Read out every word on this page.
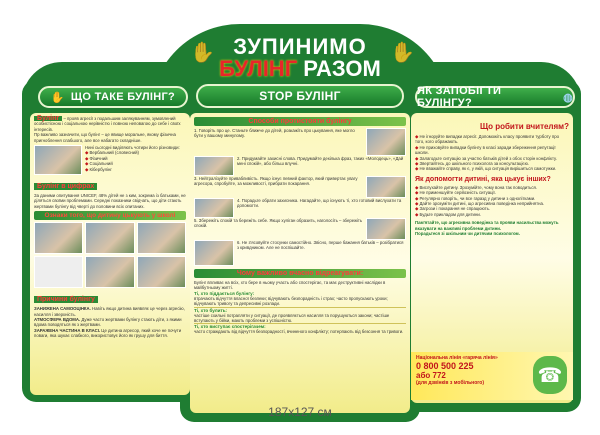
✋	✋
ЗУПИНИМО
БУЛІНГ РАЗОМ
✋ ЩО ТАКЕ БУЛІНГ?

Булінг – прояв агресії з подальшим залякуванням, зумовлений особистісною і соціальною нерівністю і повною неповагою до себе і своїх інтересів.

Пр важливо зазначити, що булінг – це явище моральне, якому фізична пригноблення слабшого, але все набагато складніше.

Нині сьогодні виділяють чотири його різновиди:

◆ Вербальний (словесний)
◆ Фізичний
◆ Соціальний
◆ Кібербулінг
Булінг в цифрах

За даними опитування UNICEF, 48% дітей не з ким, зокрема із батьками, не діляться своїми проблемами. Середні показники свідчать, що діти стають жертвами булінгу від чверті до половини всіх опитаних.

Ознаки того, що дитину цькують у школі
Причини булінгу

ЗАНИЖЕНА САМООЦІНКА. Навіть якщо дитина виявляє це через агресію, насилля і зверхність.

АТМОСФЕРА ВДОМА. Дуже часто жертвами булінгу стають діти, з якими вдома поводяться як з жертвами.

ЗАРАЖЕНА ЧАСТИНА В КЛАСІ. Це дитина агресор, який хоче не почути поваги, яка шукає слабкого, використовує його як грушу для биття.

STOP БУЛІНГ
Способи протистояти булінгу

1. Говоріть про це. Станьте ближче до дітей, розкажіть про цькування, яке могло бути у вашому минулому.

2. Придумайте захисні слова. Придумайте декілька фраз, таких «Молодець», «Дай мені спокій», або більш влучні.

3. Нейтралізуйте привабливість. Якщо існує певний фактор, який привертає увагу агресора, спробуйте, за можливості, прибрати покарання.

4. Порадьте обрати захисника. Нагадайте, що існують ті, хто готовий вислухати та допомогти.

5. Збережіть спокій та бережіть себе. Якщо хуліган образить, наголосіть – збережіть спокій.

6. Не з'ясовуйте стосунки самостійно. Звісно, перше бажання батьків – розібратися з кривдником. Але не поспішайте.

Чому важливо вчасно відреагувати:

Булінг впливає на всіх, хто бере в ньому участь або спостерігає, та має деструктивні наслідки в майбутньому житті.

Ті, хто піддається булінгу:

втрачають відчуття власної безпеки; відчувають безпорадність і страх; часто пропускають уроки; відчувають тривогу та депресивні розлади.

Ті, хто булить:

частіше схильні потрапляти у ситуації, де проявляється насилля та порушуються закони; частіше вступають у бійки, мають проблеми з успішністю.

Ті, хто виступає спостерігачем:

часто страждають від відчуття безпорадності, вчиненого конфлікту; потерпають від безсоння та тривоги.

ЯК ЗАПОБІГТИ БУЛІНГУ?	◍
Що робити вчителям?
◆ Не ігноруйте випадки агресії. Допоможіть класу проявити турботу про того, кого ображають.
◆ Не приховуйте випадки булінгу в класі заради збереження репутації школи.
◆ Залагодьте ситуацію за участю батьків дітей з обох сторін конфлікту.
◆ Звертайтесь до шкільного психолога за консультацією.
◆ Не вважайте справу, як є, у якій, що ситуація вирішиться самотужки.
Як допомогти дитині, яка цькує інших?
◆ Вислухайте дитину. Зрозумійте, чому вона так поводиться.
◆ Не применшуйте серйозність ситуації.
◆ Регулярно говоріть, чи все гаразд у дитини з однолітками.
◆ Дайте зрозуміти дитині, що агресивна поведінка неприйнятна.
◆ Загрози і покарання не спрацюють.
◆ Будьте прикладом для дитини.

Пам'ятайте, що агресивна поведінка та прояви насильства можуть вказувати на важливі проблеми дитини.

Порадьтеся зі шкільним чи дитячим психологом.

Національна лінія «гаряча лінія»
0 800 500 225
або 772
(для дзвінків з мобільного)	☎
187x127 см
